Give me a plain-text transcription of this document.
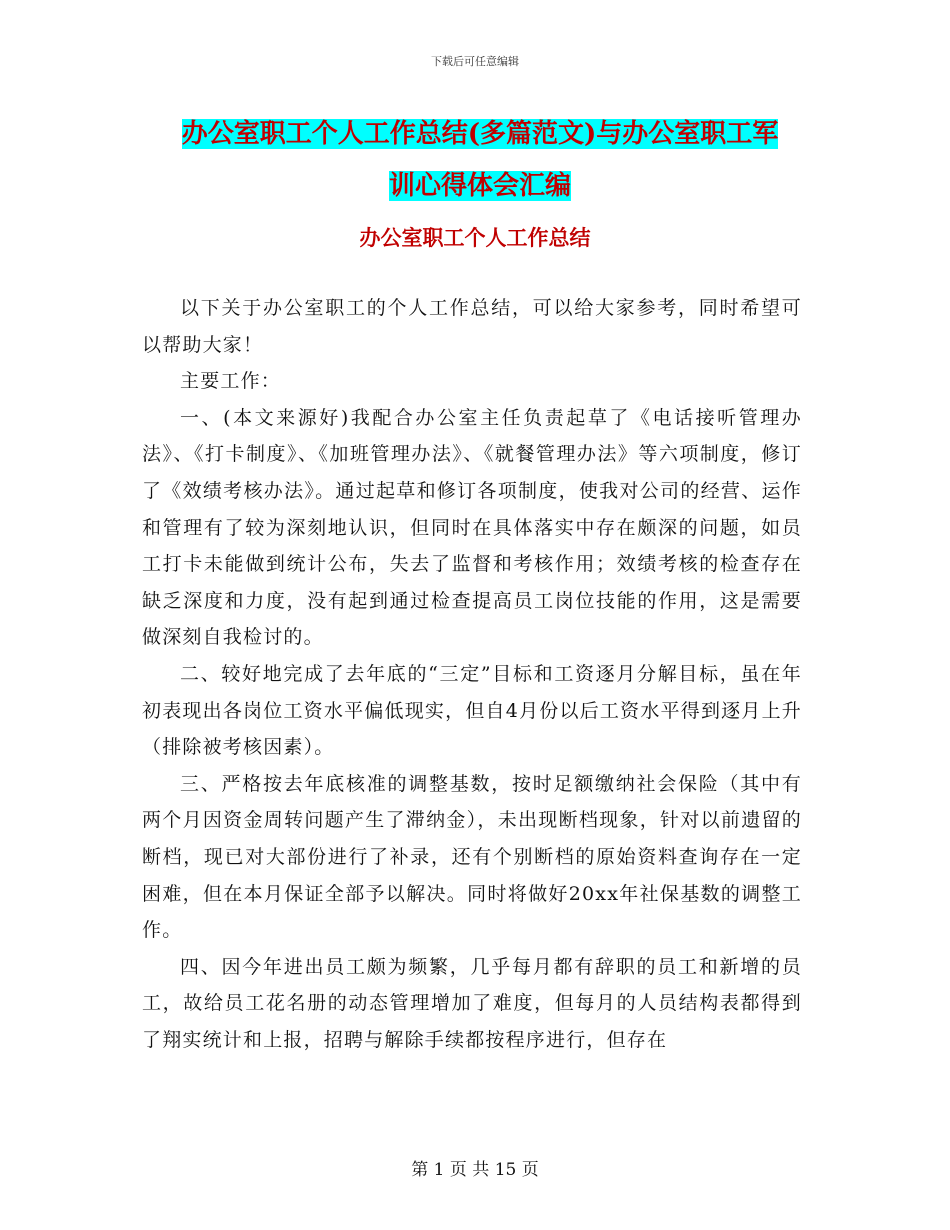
下载后可任意编辑
办公室职工个人工作总结(多篇范文)与办公室职工军
训心得体会汇编
办公室职工个人工作总结

以下关于办公室职工的个人工作总结，可以给大家参考，同时希望可以帮助大家！

主要工作：

一、(本文来源好)我配合办公室主任负责起草了《电话接听管理办法》、《打卡制度》、《加班管理办法》、《就餐管理办法》等六项制度，修订了《效绩考核办法》。通过起草和修订各项制度，使我对公司的经营、运作和管理有了较为深刻地认识，但同时在具体落实中存在颇深的问题，如员工打卡未能做到统计公布，失去了监督和考核作用；效绩考核的检查存在缺乏深度和力度，没有起到通过检查提高员工岗位技能的作用，这是需要做深刻自我检讨的。

二、较好地完成了去年底的“三定”目标和工资逐月分解目标，虽在年初表现出各岗位工资水平偏低现实，但自4月份以后工资水平得到逐月上升（排除被考核因素）。

三、严格按去年底核准的调整基数，按时足额缴纳社会保险（其中有两个月因资金周转问题产生了滞纳金），未出现断档现象，针对以前遗留的断档，现已对大部份进行了补录，还有个别断档的原始资料查询存在一定困难，但在本月保证全部予以解决。同时将做好20xx年社保基数的调整工作。

四、因今年进出员工颇为频繁，几乎每月都有辞职的员工和新增的员工，故给员工花名册的动态管理增加了难度，但每月的人员结构表都得到了翔实统计和上报，招聘与解除手续都按程序进行，但存在

第 1 页 共 15 页
